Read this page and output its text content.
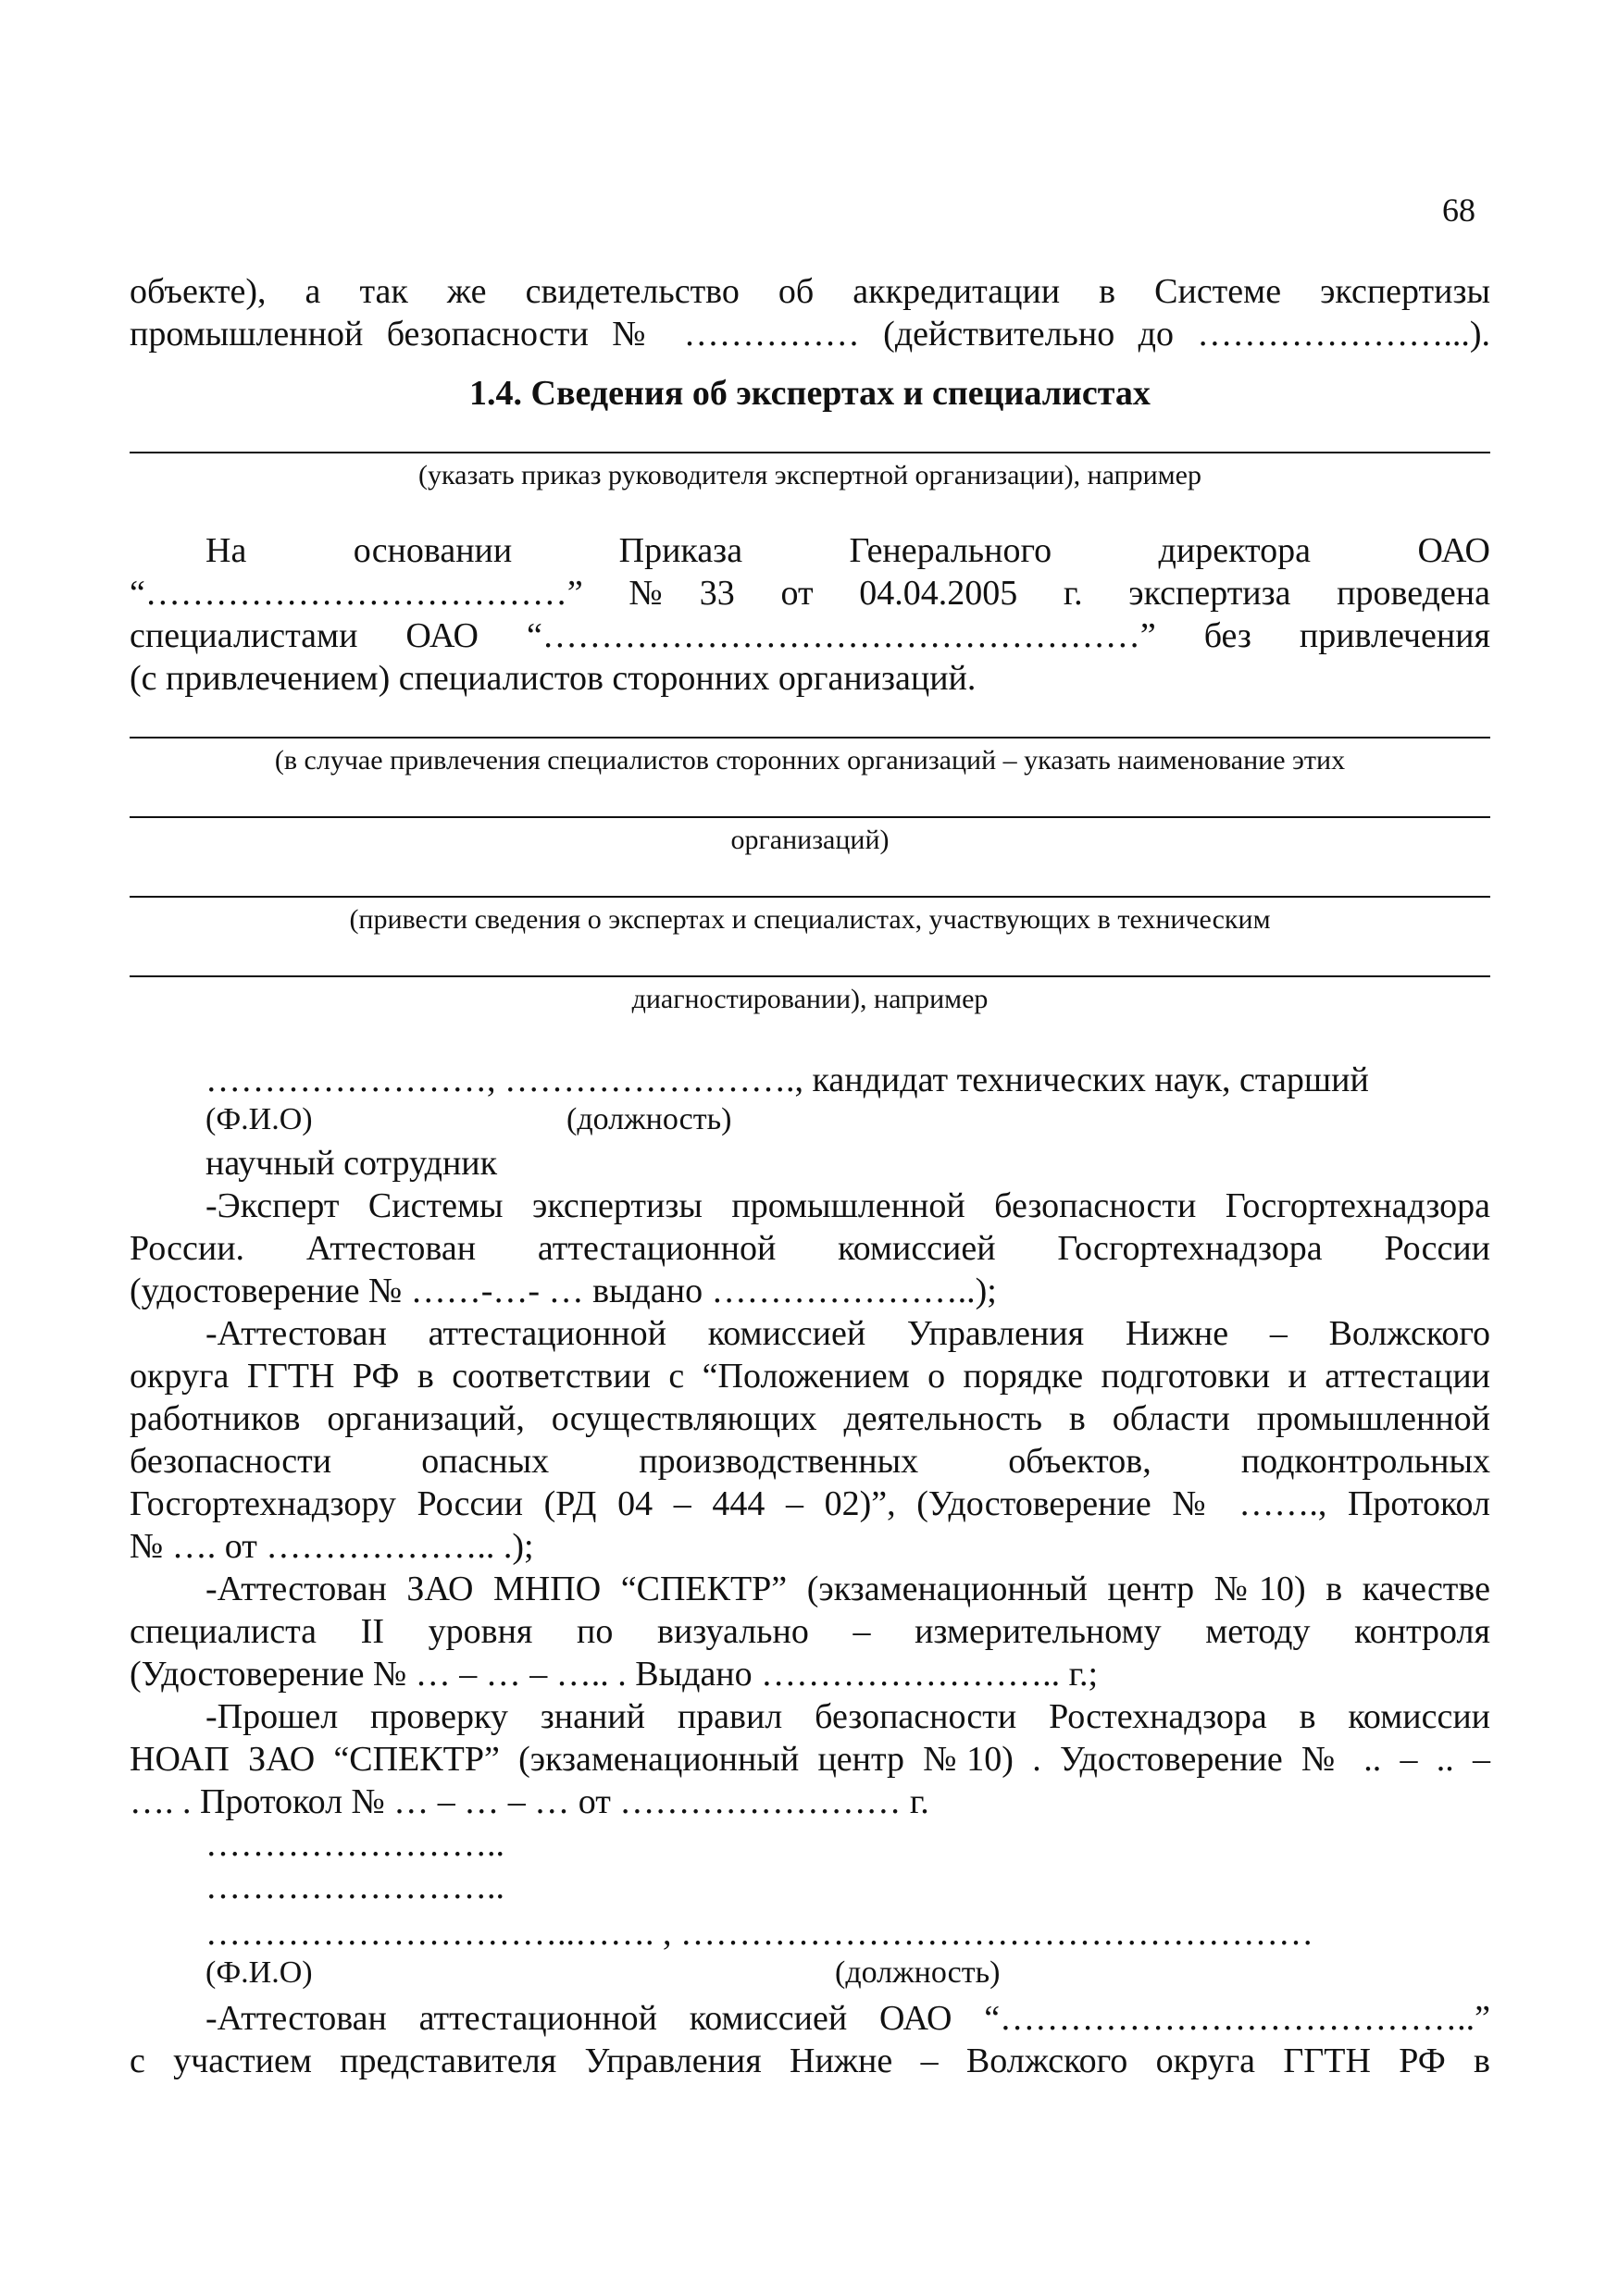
68
объекте), а так же свидетельство об аккредитации в Системе экспертизы
промышленной безопасности № …………… (действительно до …………………...).
1.4. Сведения об экспертах и специалистах
(указать приказ руководителя экспертной организации), например
На основании Приказа Генерального директора ОАО
“………………………………” №33 от 04.04.2005 г. экспертиза проведена
специалистами ОАО “……………………………………………” без привлечения
(с привлечением) специалистов сторонних организаций.
(в случае привлечения специалистов сторонних организаций – указать наименование этих
организаций)
(привести сведения о экспертах и специалистах, участвующих в техническим
диагностировании), например
……………………, ……………………., кандидат технических наук, старший
(Ф.И.О)	(должность)
научный сотрудник
-Эксперт Системы экспертизы промышленной безопасности Госгортехнадзора
России. Аттестован аттестационной комиссией Госгортехнадзора России
(удостоверение № ……-…- … выдано …………………..);
-Аттестован аттестационной комиссией Управления Нижне – Волжского
округа ГГТН РФ в соответствии с “Положением о порядке подготовки и аттестации
работников организаций, осуществляющих деятельность в области промышленной
безопасности опасных производственных объектов, подконтрольных
Госгортехнадзору России (РД 04 – 444 – 02)”, (Удостоверение № ……., Протокол
№ …. от ……………….. .);
-Аттестован ЗАО МНПО “СПЕКТР” (экзаменационный центр №10) в качестве
специалиста II уровня по визуально – измерительному методу контроля
(Удостоверение № … – … – ….. . Выдано …………………….. г.;
-Прошел проверку знаний правил безопасности Ростехнадзора в комиссии
НОАП ЗАО “СПЕКТР” (экзаменационный центр №10) . Удостоверение № .. – .. –
…. . Протокол № … – … – … от …………………… г.
……………………..
……………………..
…………………………..……. , ………………………………………………
(Ф.И.О)	(должность)
-Аттестован аттестационной комиссией ОАО “…………………………………..”
с участием представителя Управления Нижне – Волжского округа ГГТН РФ в
